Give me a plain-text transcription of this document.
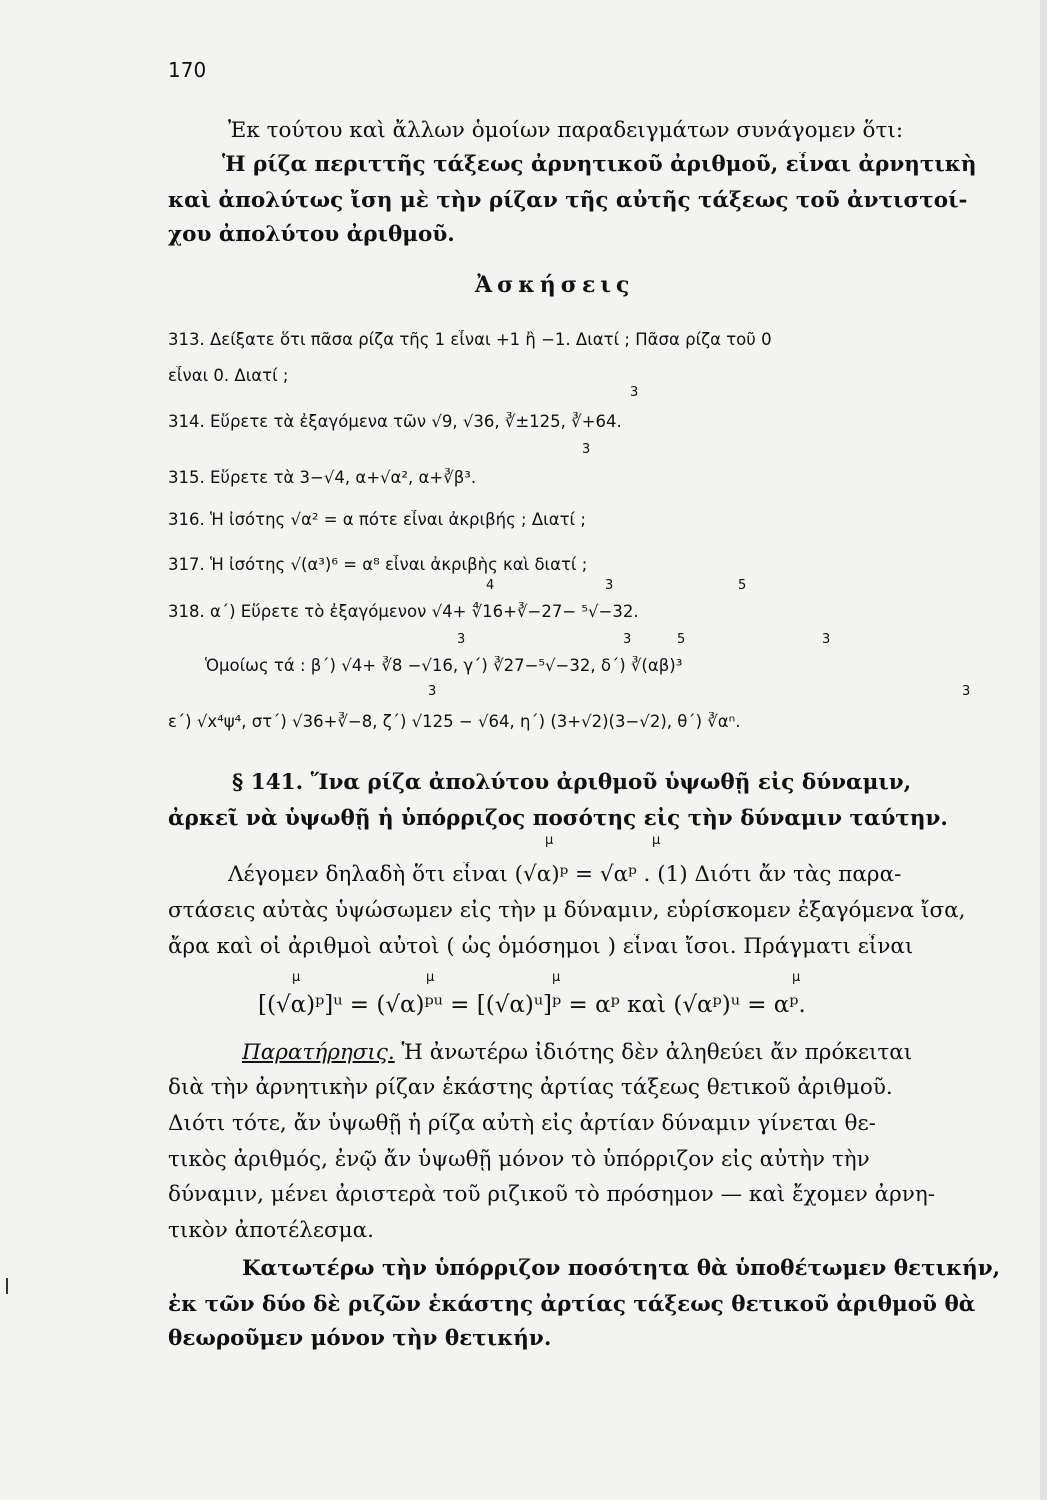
170
Ἐκ τούτου καὶ ἄλλων ὁμοίων παραδειγμάτων συνάγομεν ὅτι:
Ἡ ρίζα περιττῆς τάξεως ἀρνητικοῦ ἀριθμοῦ, εἶναι ἀρνητικὴ
καὶ ἀπολύτως ἴση μὲ τὴν ρίζαν τῆς αὐτῆς τάξεως τοῦ ἀντιστοί-
χου ἀπολύτου ἀριθμοῦ.
Ἀσκήσεις
313. Δείξατε ὅτι πᾶσα ρίζα τῆς 1 εἶναι +1 ἢ −1. Διατί ; Πᾶσα ρίζα τοῦ 0
εἶναι 0. Διατί ;
3
314. Εὕρετε τὰ ἐξαγόμενα τῶν √9, √36, ∛±125, ∛+64.
3
315. Εὕρετε τὰ 3−√4, α+√α², α+∛β³.
316. Ἡ ἰσότης √α² = α πότε εἶναι ἀκριβής ; Διατί ;
317. Ἡ ἰσότης √(α³)⁶ = α⁸ εἶναι ἀκριβὴς καὶ διατί ;
4	3	5
318. α΄) Εὕρετε τὸ ἐξαγόμενον √4+ ∜16+∛−27− ⁵√−32.
3	3	5	3
Ὁμοίως τά : β΄) √4+ ∛8 −√16, γ΄) ∛27−⁵√−32, δ΄) ∛(αβ)³
3	3
ε΄) √x⁴ψ⁴, στ΄) √36+∛−8, ζ΄) √125 − √64, η΄) (3+√2)(3−√2), θ΄) ∛αⁿ.
§ 141. Ἵνα ρίζα ἀπολύτου ἀριθμοῦ ὑψωθῇ εἰς δύναμιν,
ἀρκεῖ νὰ ὑψωθῇ ἡ ὑπόρριζος ποσότης εἰς τὴν δύναμιν ταύτην.
μ	μ
Λέγομεν δηλαδὴ ὅτι εἶναι (√α)ᵖ = √αᵖ . (1) Διότι ἄν τὰς παρα-
στάσεις αὐτὰς ὑψώσωμεν εἰς τὴν μ δύναμιν, εὑρίσκομεν ἐξαγόμενα ἴσα,
ἄρα καὶ οἱ ἀριθμοὶ αὐτοὶ ( ὡς ὁμόσημοι ) εἶναι ἴσοι. Πράγματι εἶναι
μ	μ	μ	μ
[(√α)ᵖ]ᵘ = (√α)ᵖᵘ = [(√α)ᵘ]ᵖ = αᵖ καὶ (√αᵖ)ᵘ = αᵖ.
Παρατήρησις. Ἡ ἀνωτέρω ἰδιότης δὲν ἀληθεύει ἄν πρόκειται
διὰ τὴν ἀρνητικὴν ρίζαν ἑκάστης ἀρτίας τάξεως θετικοῦ ἀριθμοῦ.
Διότι τότε, ἄν ὑψωθῇ ἡ ρίζα αὐτὴ εἰς ἀρτίαν δύναμιν γίνεται θε-
τικὸς ἀριθμός, ἐνῷ ἄν ὑψωθῇ μόνον τὸ ὑπόρριζον εἰς αὐτὴν τὴν
δύναμιν, μένει ἀριστερὰ τοῦ ριζικοῦ τὸ πρόσημον — καὶ ἔχομεν ἀρνη-
τικὸν ἀποτέλεσμα.
Κατωτέρω τὴν ὑπόρριζον ποσότητα θὰ ὑποθέτωμεν θετικήν,
ἐκ τῶν δύο δὲ ριζῶν ἑκάστης ἀρτίας τάξεως θετικοῦ ἀριθμοῦ θὰ
θεωροῦμεν μόνον τὴν θετικήν.
